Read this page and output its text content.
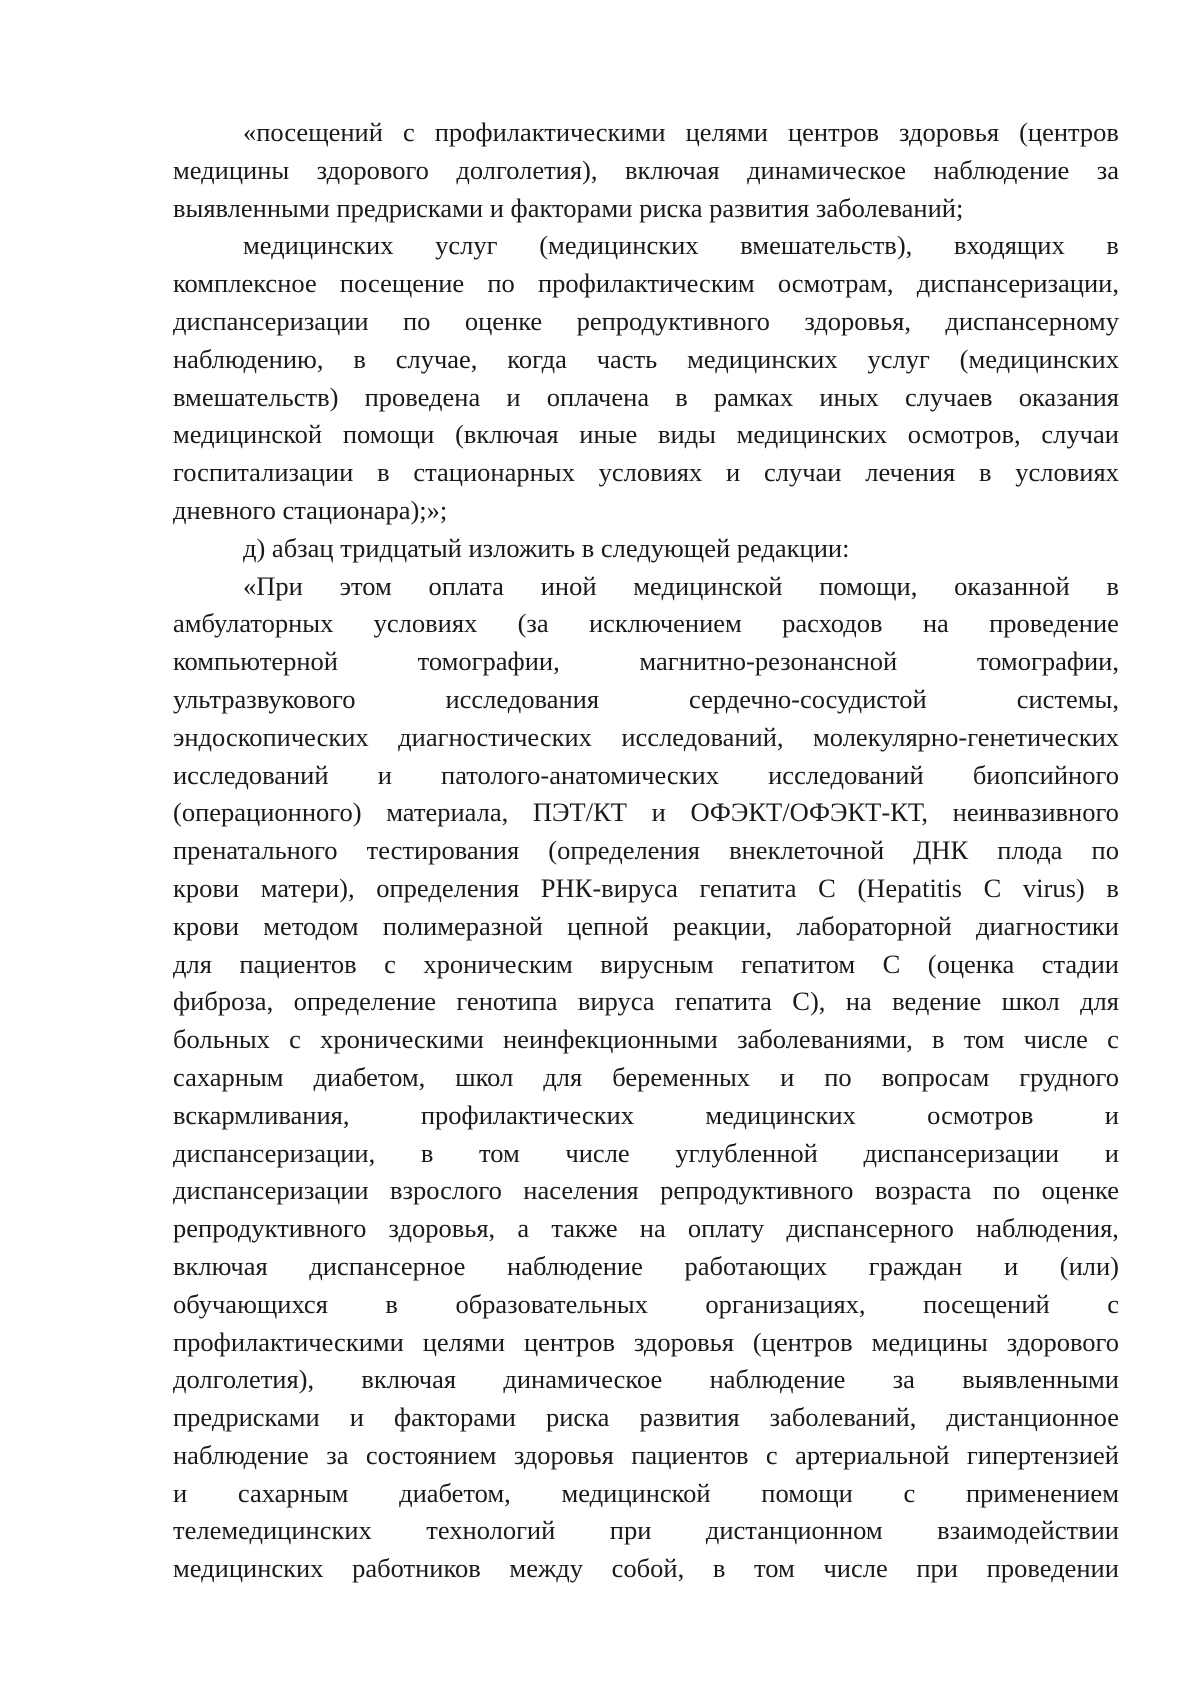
«посещений с профилактическими целями центров здоровья (центров
медицины здорового долголетия), включая динамическое наблюдение за
выявленными предрисками и факторами риска развития заболеваний;

медицинских услуг (медицинских вмешательств), входящих в
комплексное посещение по профилактическим осмотрам, диспансеризации,
диспансеризации по оценке репродуктивного здоровья, диспансерному
наблюдению, в случае, когда часть медицинских услуг (медицинских
вмешательств) проведена и оплачена в рамках иных случаев оказания
медицинской помощи (включая иные виды медицинских осмотров, случаи
госпитализации в стационарных условиях и случаи лечения в условиях
дневного стационара);»;

д) абзац тридцатый изложить в следующей редакции:

«При этом оплата иной медицинской помощи, оказанной в
амбулаторных условиях (за исключением расходов на проведение
компьютерной	томографии,	магнитно-резонансной	томографии,
ультразвукового	исследования	сердечно-сосудистой	системы,
эндоскопических диагностических исследований, молекулярно-генетических
исследований и патолого-анатомических исследований биопсийного
(операционного) материала, ПЭТ/КТ и ОФЭКТ/ОФЭКТ-КТ, неинвазивного
пренатального тестирования (определения внеклеточной ДНК плода по
крови матери), определения РНК-вируса гепатита С (Hepatitis C virus) в
крови методом полимеразной цепной реакции, лабораторной диагностики
для пациентов с хроническим вирусным гепатитом С (оценка стадии
фиброза, определение генотипа вируса гепатита С), на ведение школ для
больных с хроническими неинфекционными заболеваниями, в том числе с
сахарным диабетом, школ для беременных и по вопросам грудного
вскармливания,	профилактических	медицинских	осмотров	и
диспансеризации, в том числе углубленной диспансеризации и
диспансеризации взрослого населения репродуктивного возраста по оценке
репродуктивного здоровья, а также на оплату диспансерного наблюдения,
включая диспансерное наблюдение работающих граждан и (или)
обучающихся в образовательных организациях, посещений с
профилактическими целями центров здоровья (центров медицины здорового
долголетия), включая динамическое наблюдение за выявленными
предрисками и факторами риска развития заболеваний, дистанционное
наблюдение за состоянием здоровья пациентов с артериальной гипертензией
и сахарным диабетом, медицинской помощи с применением
телемедицинских технологий при дистанционном взаимодействии
медицинских работников между собой, в том числе при проведении
